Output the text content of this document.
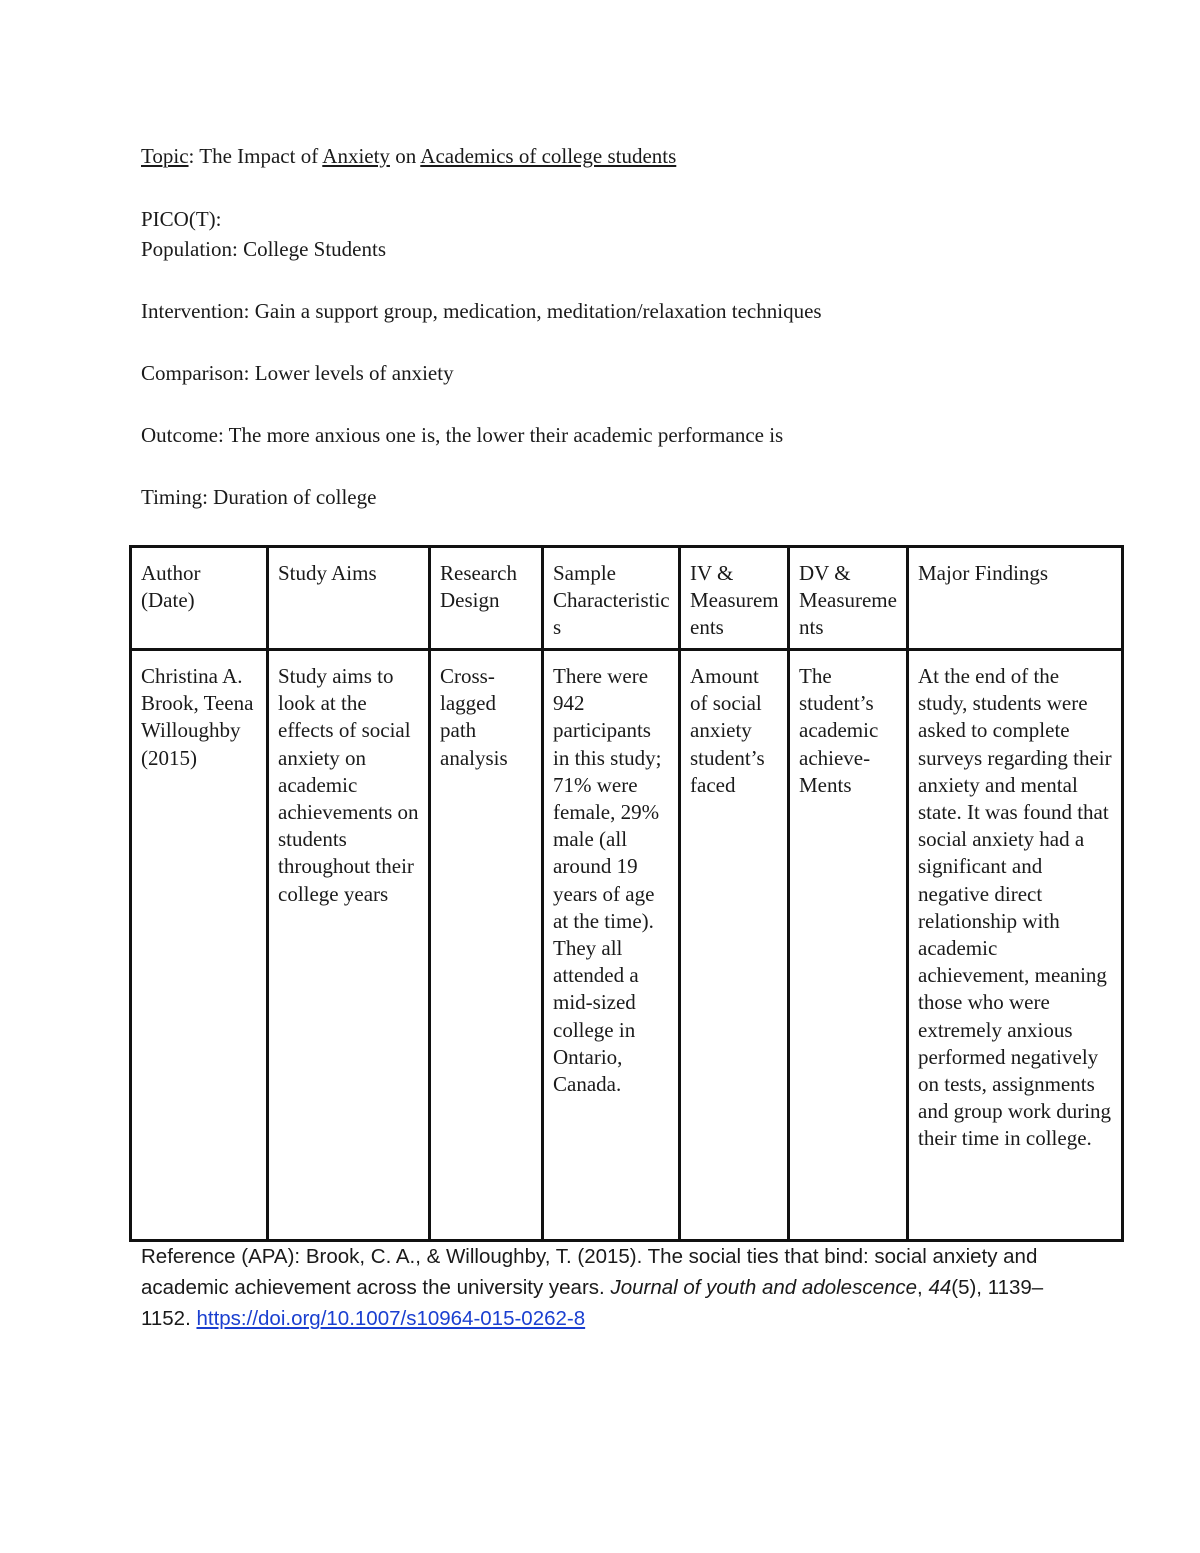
Topic: The Impact of Anxiety on Academics of college students
PICO(T):
Population: College Students
Intervention: Gain a support group, medication, meditation/relaxation techniques
Comparison: Lower levels of anxiety
Outcome: The more anxious one is, the lower their academic performance is
Timing: Duration of college
Author (Date)	Study Aims	Research Design	Sample Characteristics	IV & Measurements	DV & Measurements	Major Findings
Christina A. Brook, Teena Willoughby (2015)	Study aims to look at the effects of social anxiety on academic achievements on students throughout their college years	Cross-lagged path analysis	There were 942 participants in this study; 71% were female, 29% male (all around 19 years of age at the time). They all attended a mid-sized college in Ontario, Canada.	Amount of social anxiety student’s faced	The student’s academic achieve-Ments	At the end of the study, students were asked to complete surveys regarding their anxiety and mental state. It was found that social anxiety had a significant and negative direct relationship with academic achievement, meaning those who were extremely anxious performed negatively on tests, assignments and group work during their time in college.
Reference (APA): Brook, C. A., & Willoughby, T. (2015). The social ties that bind: social anxiety and academic achievement across the university years. Journal of youth and adolescence, 44(5), 1139–1152. https://doi.org/10.1007/s10964-015-0262-8
